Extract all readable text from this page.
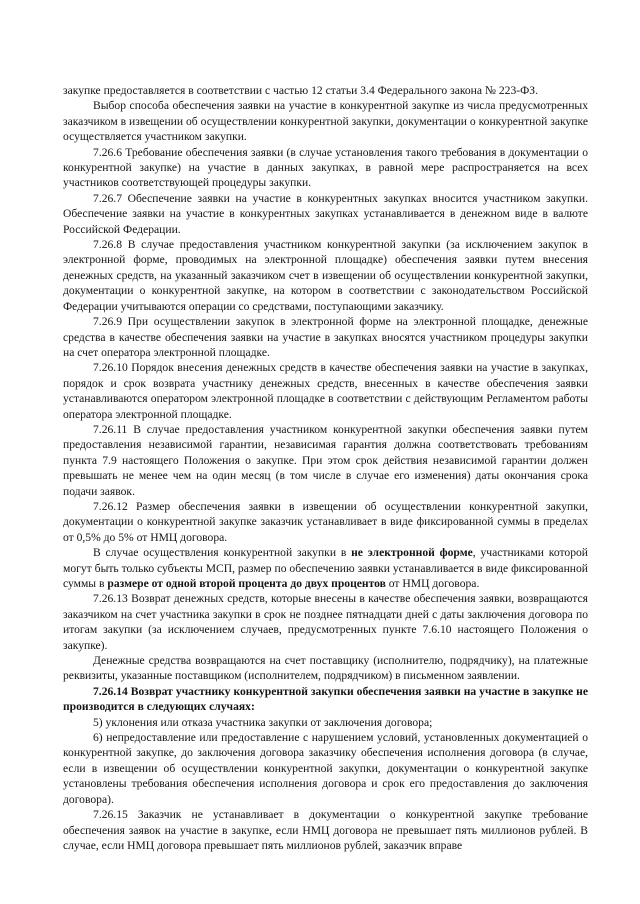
закупке предоставляется в соответствии с частью 12 статьи 3.4 Федерального закона № 223-ФЗ.

Выбор способа обеспечения заявки на участие в конкурентной закупке из числа предусмотренных заказчиком в извещении об осуществлении конкурентной закупки, документации о конкурентной закупке осуществляется участником закупки.

7.26.6 Требование обеспечения заявки (в случае установления такого требования в документации о конкурентной закупке) на участие в данных закупках, в равной мере распространяется на всех участников соответствующей процедуры закупки.

7.26.7 Обеспечение заявки на участие в конкурентных закупках вносится участником закупки. Обеспечение заявки на участие в конкурентных закупках устанавливается в денежном виде в валюте Российской Федерации.

7.26.8 В случае предоставления участником конкурентной закупки (за исключением закупок в электронной форме, проводимых на электронной площадке) обеспечения заявки путем внесения денежных средств, на указанный заказчиком счет в извещении об осуществлении конкурентной закупки, документации о конкурентной закупке, на котором в соответствии с законодательством Российской Федерации учитываются операции со средствами, поступающими заказчику.

7.26.9 При осуществлении закупок в электронной форме на электронной площадке, денежные средства в качестве обеспечения заявки на участие в закупках вносятся участником процедуры закупки на счет оператора электронной площадке.

7.26.10 Порядок внесения денежных средств в качестве обеспечения заявки на участие в закупках, порядок и срок возврата участнику денежных средств, внесенных в качестве обеспечения заявки устанавливаются оператором электронной площадке в соответствии с действующим Регламентом работы оператора электронной площадке.

7.26.11 В случае предоставления участником конкурентной закупки обеспечения заявки путем предоставления независимой гарантии, независимая гарантия должна соответствовать требованиям пункта 7.9 настоящего Положения о закупке. При этом срок действия независимой гарантии должен превышать не менее чем на один месяц (в том числе в случае его изменения) даты окончания срока подачи заявок.

7.26.12 Размер обеспечения заявки в извещении об осуществлении конкурентной закупки, документации о конкурентной закупке заказчик устанавливает в виде фиксированной суммы в пределах от 0,5% до 5% от НМЦ договора.

В случае осуществления конкурентной закупки в не электронной форме, участниками которой могут быть только субъекты МСП, размер по обеспечению заявки устанавливается в виде фиксированной суммы в размере от одной второй процента до двух процентов от НМЦ договора.

7.26.13 Возврат денежных средств, которые внесены в качестве обеспечения заявки, возвращаются заказчиком на счет участника закупки в срок не позднее пятнадцати дней с даты заключения договора по итогам закупки (за исключением случаев, предусмотренных пункте 7.6.10 настоящего Положения о закупке).

Денежные средства возвращаются на счет поставщику (исполнителю, подрядчику), на платежные реквизиты, указанные поставщиком (исполнителем, подрядчиком) в письменном заявлении.

7.26.14 Возврат участнику конкурентной закупки обеспечения заявки на участие в закупке не производится в следующих случаях:

5) уклонения или отказа участника закупки от заключения договора;

6) непредоставление или предоставление с нарушением условий, установленных документацией о конкурентной закупке, до заключения договора заказчику обеспечения исполнения договора (в случае, если в извещении об осуществлении конкурентной закупки, документации о конкурентной закупке установлены требования обеспечения исполнения договора и срок его предоставления до заключения договора).

7.26.15 Заказчик не устанавливает в документации о конкурентной закупке требование обеспечения заявок на участие в закупке, если НМЦ договора не превышает пять миллионов рублей. В случае, если НМЦ договора превышает пять миллионов рублей, заказчик вправе
